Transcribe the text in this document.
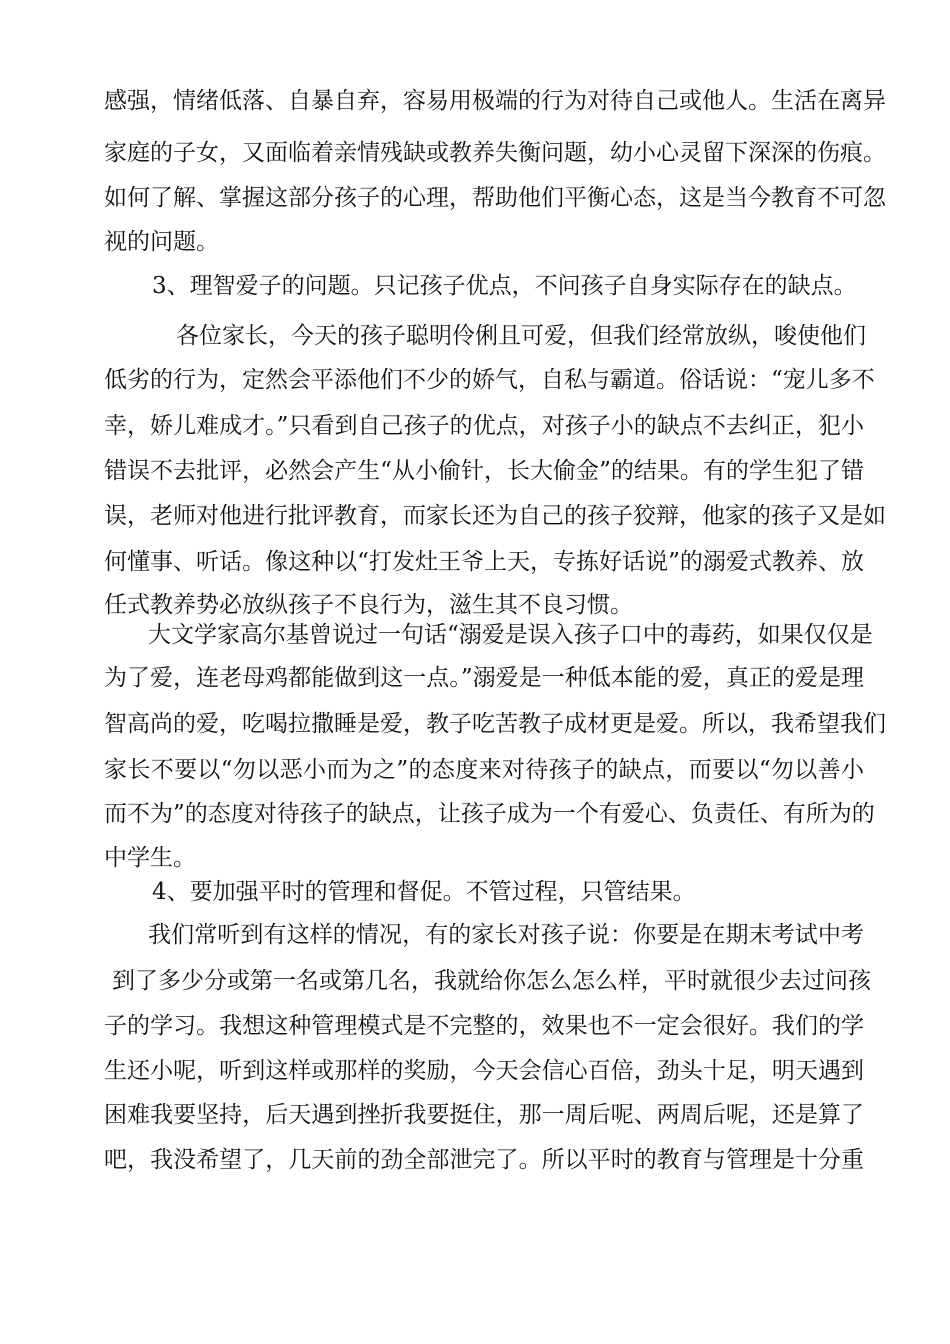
感强，情绪低落、自暴自弃，容易用极端的行为对待自己或他人。生活在离异
家庭的子女，又面临着亲情残缺或教养失衡问题，幼小心灵留下深深的伤痕。
如何了解、掌握这部分孩子的心理，帮助他们平衡心态，这是当今教育不可忽
视的问题。
3、理智爱子的问题。只记孩子优点，不问孩子自身实际存在的缺点。
各位家长，今天的孩子聪明伶俐且可爱，但我们经常放纵，唆使他们
低劣的行为，定然会平添他们不少的娇气，自私与霸道。俗话说：“宠儿多不
幸，娇儿难成才。”只看到自己孩子的优点，对孩子小的缺点不去纠正，犯小
错误不去批评，必然会产生“从小偷针，长大偷金”的结果。有的学生犯了错
误，老师对他进行批评教育，而家长还为自己的孩子狡辩，他家的孩子又是如
何懂事、听话。像这种以“打发灶王爷上天，专拣好话说”的溺爱式教养、放
任式教养势必放纵孩子不良行为，滋生其不良习惯。
大文学家高尔基曾说过一句话“溺爱是误入孩子口中的毒药，如果仅仅是
为了爱，连老母鸡都能做到这一点。”溺爱是一种低本能的爱，真正的爱是理
智高尚的爱，吃喝拉撒睡是爱，教子吃苦教子成材更是爱。所以，我希望我们
家长不要以“勿以恶小而为之”的态度来对待孩子的缺点，而要以“勿以善小
而不为”的态度对待孩子的缺点，让孩子成为一个有爱心、负责任、有所为的
中学生。
4、要加强平时的管理和督促。不管过程，只管结果。
我们常听到有这样的情况，有的家长对孩子说：你要是在期末考试中考
到了多少分或第一名或第几名，我就给你怎么怎么样，平时就很少去过问孩
子的学习。我想这种管理模式是不完整的，效果也不一定会很好。我们的学
生还小呢，听到这样或那样的奖励，今天会信心百倍，劲头十足，明天遇到
困难我要坚持，后天遇到挫折我要挺住，那一周后呢、两周后呢，还是算了
吧，我没希望了，几天前的劲全部泄完了。所以平时的教育与管理是十分重
